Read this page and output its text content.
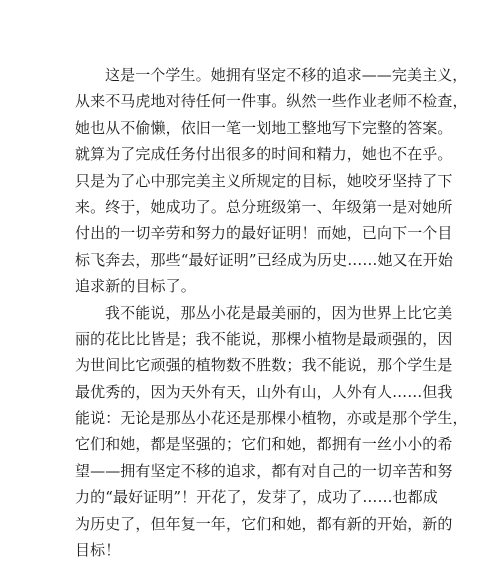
这是一个学生。她拥有坚定不移的追求——完美主义，
从来不马虎地对待任何一件事。纵然一些作业老师不检查，
她也从不偷懒，依旧一笔一划地工整地写下完整的答案。
就算为了完成任务付出很多的时间和精力，她也不在乎。
只是为了心中那完美主义所规定的目标，她咬牙坚持了下
来。终于，她成功了。总分班级第一、年级第一是对她所
付出的一切辛劳和努力的最好证明！而她，已向下一个目
标飞奔去，那些“最好证明”已经成为历史……她又在开始
追求新的目标了。

我不能说，那丛小花是最美丽的，因为世界上比它美
丽的花比比皆是；我不能说，那棵小植物是最顽强的，因
为世间比它顽强的植物数不胜数；我不能说，那个学生是
最优秀的，因为天外有天，山外有山，人外有人……但我
能说：无论是那丛小花还是那棵小植物，亦或是那个学生，
它们和她，都是坚强的；它们和她，都拥有一丝小小的希
望——拥有坚定不移的追求，都有对自己的一切辛苦和努
力的“最好证明”！开花了，发芽了，成功了……也都成
为历史了，但年复一年，它们和她，都有新的开始，新的
目标！
